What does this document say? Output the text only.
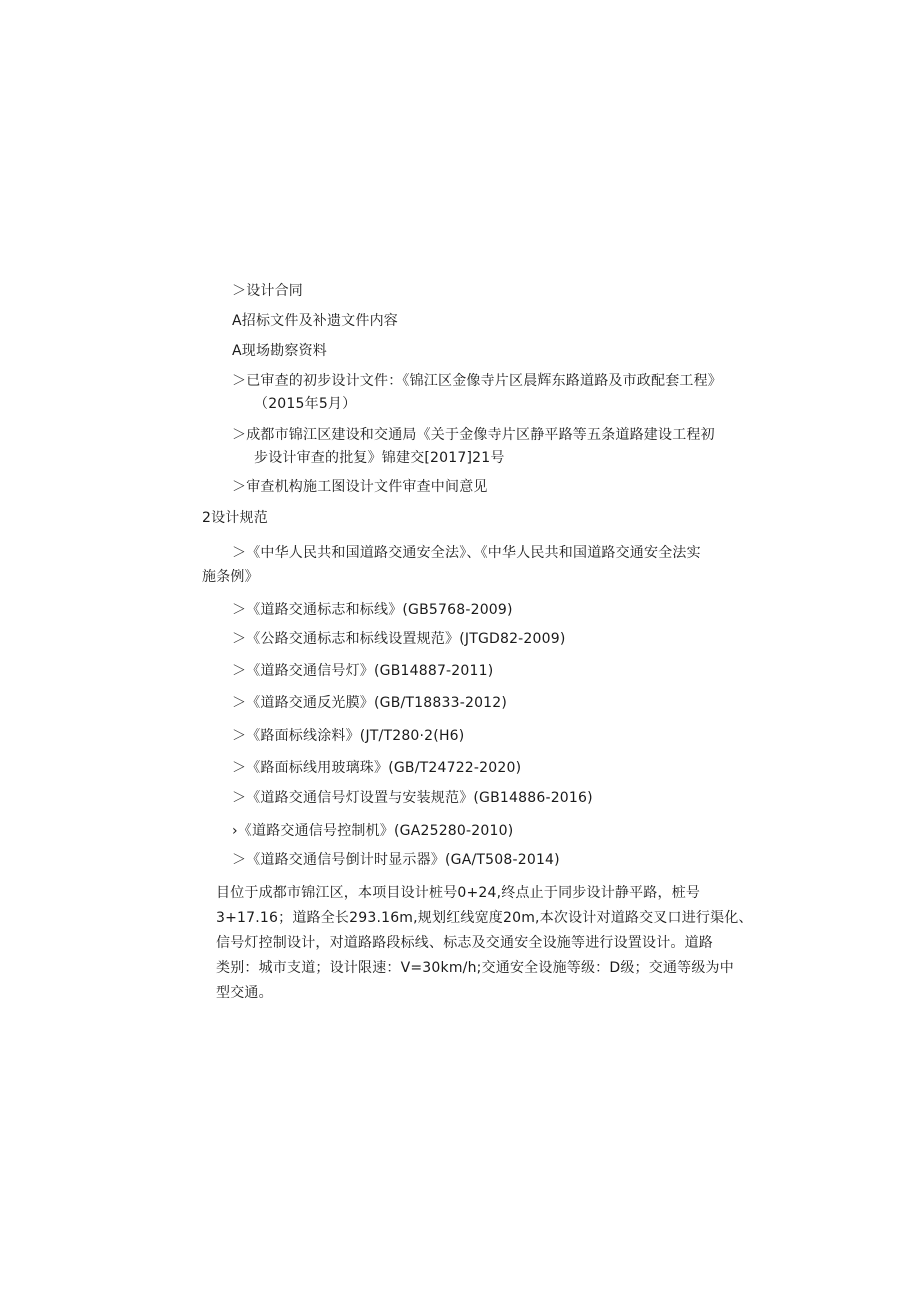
＞设计合同
A招标文件及补遗文件内容
A现场勘察资料
＞已审查的初步设计文件：《锦江区金像寺片区晨辉东路道路及市政配套工程》
（2015年5月）
＞成都市锦江区建设和交通局《关于金像寺片区静平路等五条道路建设工程初
步设计审查的批复》锦建交[2017]21号
＞审查机构施工图设计文件审查中间意见
2设计规范
＞《中华人民共和国道路交通安全法》、《中华人民共和国道路交通安全法实
施条例》
＞《道路交通标志和标线》(GB5768-2009)
＞《公路交通标志和标线设置规范》(JTGD82-2009)
＞《道路交通信号灯》(GB14887-2011)
＞《道路交通反光膜》(GB/T18833-2012)
＞《路面标线涂料》(JT/T280·2(H6)
＞《路面标线用玻璃珠》(GB/T24722-2020)
＞《道路交通信号灯设置与安装规范》(GB14886-2016)
›《道路交通信号控制机》(GA25280-2010)
＞《道路交通信号倒计时显示器》(GA/T508-2014)
目位于成都市锦江区，本项目设计桩号0+24,终点止于同步设计静平路，桩号
3+17.16；道路全长293.16m,规划红线宽度20m,本次设计对道路交叉口进行渠化、
信号灯控制设计，对道路路段标线、标志及交通安全设施等进行设置设计。道路
类别：城市支道；设计限速：V=30km/h;交通安全设施等级：D级；交通等级为中
型交通。
